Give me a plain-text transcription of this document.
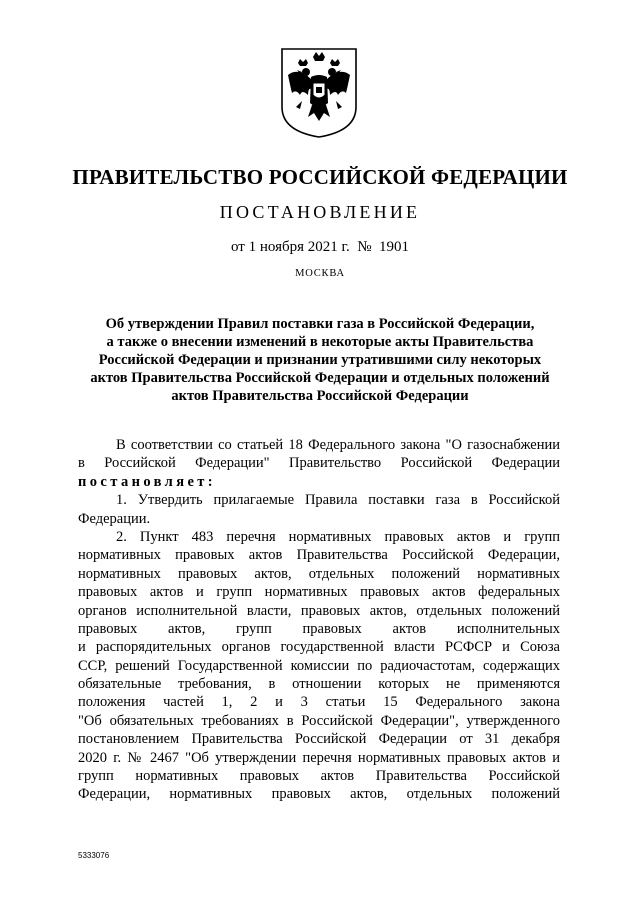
ПРАВИТЕЛЬСТВО РОССИЙСКОЙ ФЕДЕРАЦИИ
ПОСТАНОВЛЕНИЕ
от 1 ноября 2021 г.  №  1901
МОСКВА
Об утверждении Правил поставки газа в Российской Федерации,
а также о внесении изменений в некоторые акты Правительства
Российской Федерации и признании утратившими силу некоторых
актов Правительства Российской Федерации и отдельных положений
актов Правительства Российской Федерации
В соответствии со статьей 18 Федерального закона "О газоснабжении
в Российской Федерации" Правительство Российской Федерации
постановляет:
1. Утвердить прилагаемые Правила поставки газа в Российской
Федерации.
2. Пункт 483 перечня нормативных правовых актов и групп
нормативных правовых актов Правительства Российской Федерации,
нормативных правовых актов, отдельных положений нормативных
правовых актов и групп нормативных правовых актов федеральных
органов исполнительной власти, правовых актов, отдельных положений
правовых актов, групп правовых актов исполнительных
и распорядительных органов государственной власти РСФСР и Союза
ССР, решений Государственной комиссии по радиочастотам, содержащих
обязательные требования, в отношении которых не применяются
положения частей 1, 2 и 3 статьи 15 Федерального закона
"Об обязательных требованиях в Российской Федерации", утвержденного
постановлением Правительства Российской Федерации от 31 декабря
2020 г. № 2467 "Об утверждении перечня нормативных правовых актов и
групп нормативных правовых актов Правительства Российской
Федерации, нормативных правовых актов, отдельных положений
5333076
